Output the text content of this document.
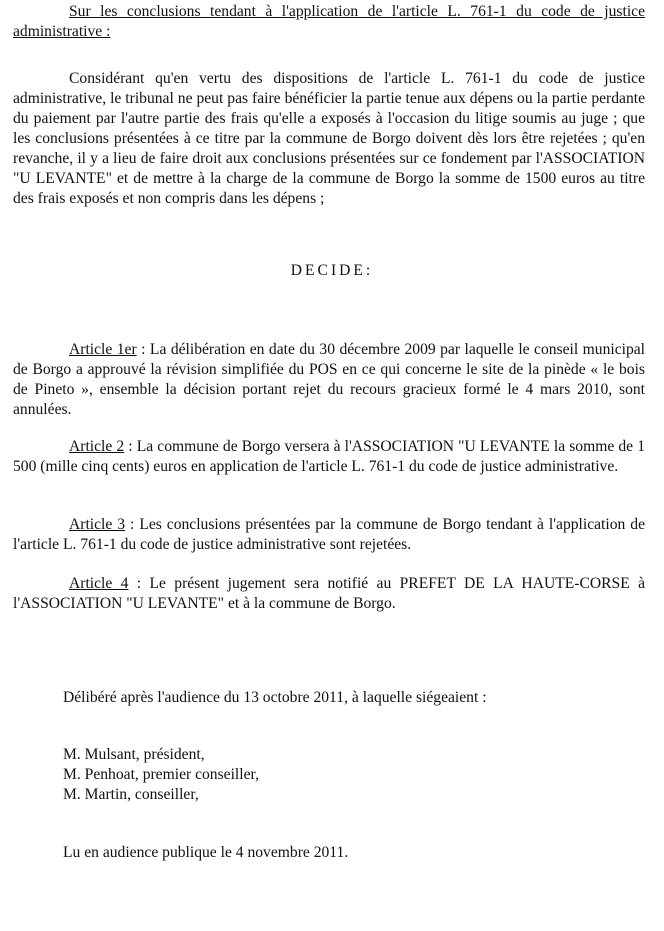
Sur les conclusions tendant à l'application de l'article L. 761-1 du code de justice administrative :
Considérant qu'en vertu des dispositions de l'article L. 761-1 du code de justice administrative, le tribunal ne peut pas faire bénéficier la partie tenue aux dépens ou la partie perdante du paiement par l'autre partie des frais qu'elle a exposés à l'occasion du litige soumis au juge ; que les conclusions présentées à ce titre par la commune de Borgo doivent dès lors être rejetées ; qu'en revanche, il y a lieu de faire droit aux conclusions présentées sur ce fondement par l'ASSOCIATION "U LEVANTE" et de mettre à la charge de la commune de Borgo la somme de 1500 euros au titre des frais exposés et non compris dans les dépens ;
DECIDE:
Article 1er : La délibération en date du 30 décembre 2009 par laquelle le conseil municipal de Borgo a approuvé la révision simplifiée du POS en ce qui concerne le site de la pinède « le bois de Pineto », ensemble la décision portant rejet du recours gracieux formé le 4 mars 2010, sont annulées.
Article 2 : La commune de Borgo versera à l'ASSOCIATION "U LEVANTE la somme de 1 500 (mille cinq cents) euros en application de l'article L. 761-1 du code de justice administrative.
Article 3 : Les conclusions présentées par la commune de Borgo tendant à l'application de l'article L. 761-1 du code de justice administrative sont rejetées.
Article 4 : Le présent jugement sera notifié au PREFET DE LA HAUTE-CORSE à l'ASSOCIATION "U LEVANTE" et à la commune de Borgo.
Délibéré après l'audience du 13 octobre 2011, à laquelle siégeaient :
M. Mulsant, président,
M. Penhoat, premier conseiller,
M. Martin, conseiller,
Lu en audience publique le 4 novembre 2011.
